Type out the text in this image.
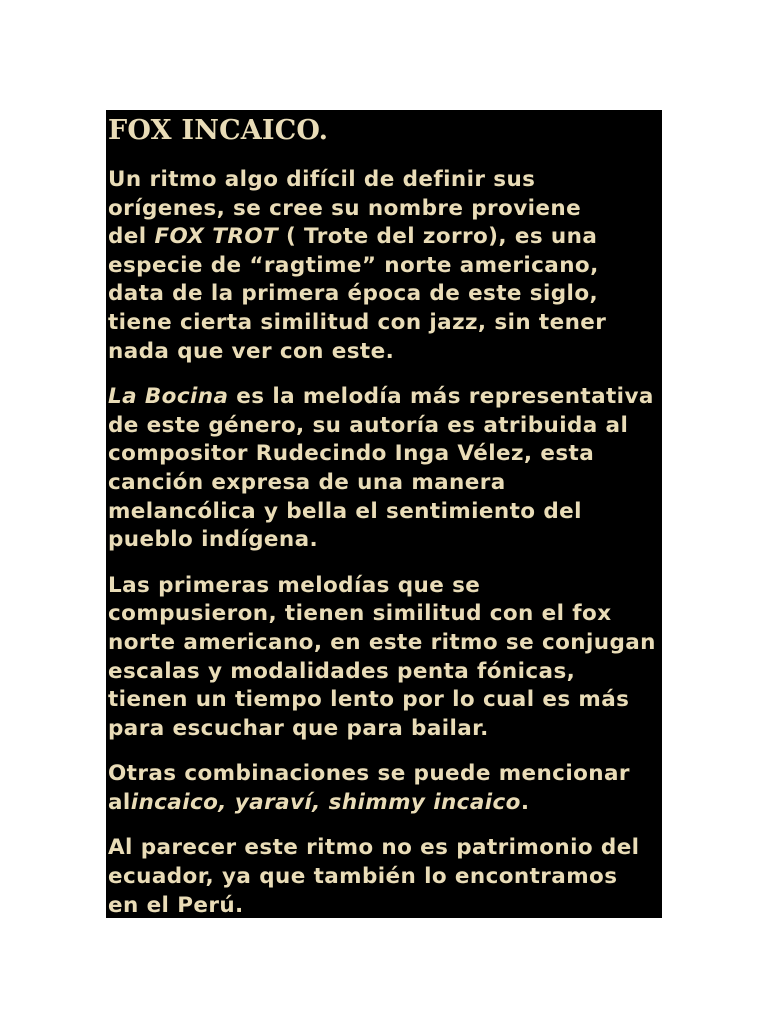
FOX INCAICO.
Un ritmo algo difícil de definir sus
orígenes, se cree su nombre proviene
del FOX TROT ( Trote del zorro), es una
especie de “ragtime” norte americano,
data de la primera época de este siglo,
tiene cierta similitud con jazz, sin tener
nada que ver con este.
La Bocina es la melodía más representativa
de este género, su autoría es atribuida al
compositor Rudecindo Inga Vélez, esta
canción expresa de una manera
melancólica y bella el sentimiento del
pueblo indígena.
Las primeras melodías que se
compusieron, tienen similitud con el fox
norte americano, en este ritmo se conjugan
escalas y modalidades penta fónicas,
tienen un tiempo lento por lo cual es más
para escuchar que para bailar.
Otras combinaciones se puede mencionar
alincaico, yaraví, shimmy incaico.
Al parecer este ritmo no es patrimonio del
ecuador, ya que también lo encontramos
en el Perú.
